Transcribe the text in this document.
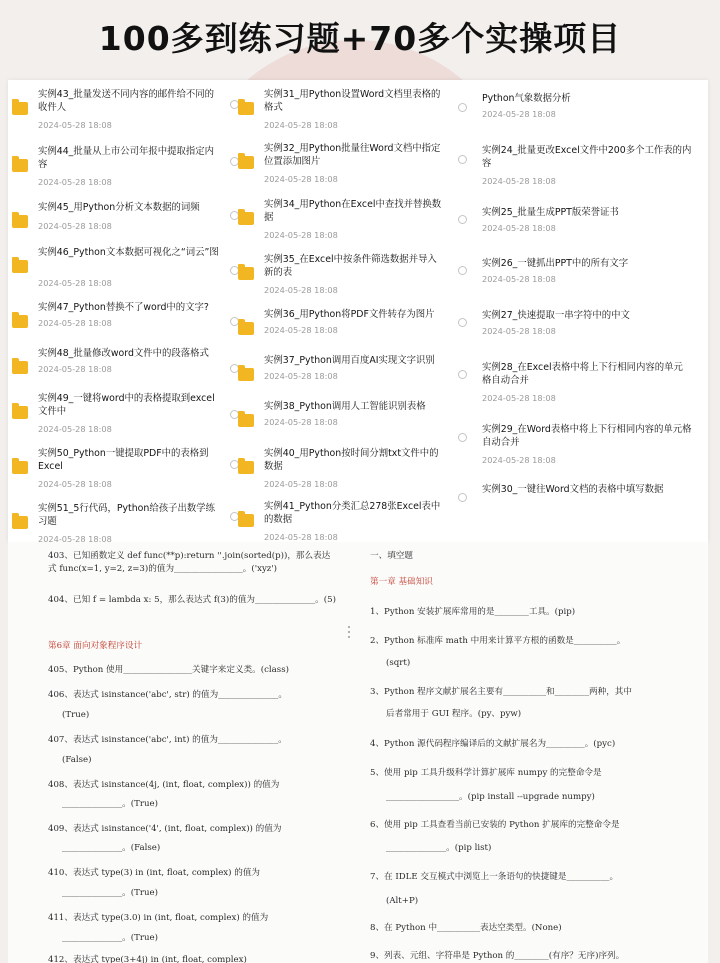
100多到练习题+70多个实操项目
实例43_批量发送不同内容的邮件给不同的收件人
2024-05-28 18:08
实例44_批量从上市公司年报中提取指定内容
2024-05-28 18:08
实例45_用Python分析文本数据的词频
2024-05-28 18:08
实例46_Python文本数据可视化之“词云”图
2024-05-28 18:08
实例47_Python替换不了word中的文字?
2024-05-28 18:08
实例48_批量修改word文件中的段落格式
2024-05-28 18:08
实例49_一键将word中的表格提取到excel文件中
2024-05-28 18:08
实例50_Python一键提取PDF中的表格到Excel
2024-05-28 18:08
实例51_5行代码，Python给孩子出数学练习题
2024-05-28 18:08
实例31_用Python设置Word文档里表格的格式
2024-05-28 18:08
实例32_用Python批量往Word文档中指定位置添加图片
2024-05-28 18:08
实例34_用Python在Excel中查找并替换数据
2024-05-28 18:08
实例35_在Excel中按条件筛选数据并导入新的表
2024-05-28 18:08
实例36_用Python将PDF文件转存为图片
2024-05-28 18:08
实例37_Python调用百度AI实现文字识别
2024-05-28 18:08
实例38_Python调用人工智能识别表格
2024-05-28 18:08
实例40_用Python按时间分割txt文件中的数据
2024-05-28 18:08
实例41_Python分类汇总278张Excel表中的数据
2024-05-28 18:08
Python气象数据分析
2024-05-28 18:08
实例24_批量更改Excel文件中200多个工作表的内容
2024-05-28 18:08
实例25_批量生成PPT版荣誉证书
2024-05-28 18:08
实例26_一键抓出PPT中的所有文字
2024-05-28 18:08
实例27_快速提取一串字符中的中文
2024-05-28 18:08
实例28_在Excel表格中将上下行相同内容的单元格自动合并
2024-05-28 18:08
实例29_在Word表格中将上下行相同内容的单元格自动合并
2024-05-28 18:08
实例30_一键往Word文档的表格中填写数据
403、已知函数定义 def func(**p):return ''.join(sorted(p))，那么表达式 func(x=1, y=2, z=3)的值为________________。('xyz')
404、已知 f = lambda x: 5，那么表达式 f(3)的值为______________。(5)
第6章 面向对象程序设计
405、Python 使用________________关键字来定义类。(class)
406、表达式 isinstance('abc', str) 的值为______________。
(True)
407、表达式 isinstance('abc', int) 的值为______________。
(False)
408、表达式 isinstance(4j, (int, float, complex)) 的值为
______________。(True)
409、表达式 isinstance('4', (int, float, complex)) 的值为
______________。(False)
410、表达式 type(3) in (int, float, complex) 的值为
______________。(True)
411、表达式 type(3.0) in (int, float, complex) 的值为
______________。(True)
412、表达式 type(3+4j) in (int, float, complex)
一、填空题
第一章 基础知识
1、Python 安装扩展库常用的是________工具。(pip)
2、Python 标准库 math 中用来计算平方根的函数是__________。
(sqrt)
3、Python 程序文献扩展名主要有__________和________两种，其中
后者常用于 GUI 程序。(py、pyw)
4、Python 源代码程序编译后的文献扩展名为_________。(pyc)
5、使用 pip 工具升级科学计算扩展库 numpy 的完整命令是
_________________。(pip install --upgrade numpy)
6、使用 pip 工具查看当前已安装的 Python 扩展库的完整命令是
______________。(pip list)
7、在 IDLE 交互模式中浏览上一条语句的快捷键是__________。
(Alt+P)
8、在 Python 中__________表达空类型。(None)
9、列表、元组、字符串是 Python 的________(有序？无序)序列。
